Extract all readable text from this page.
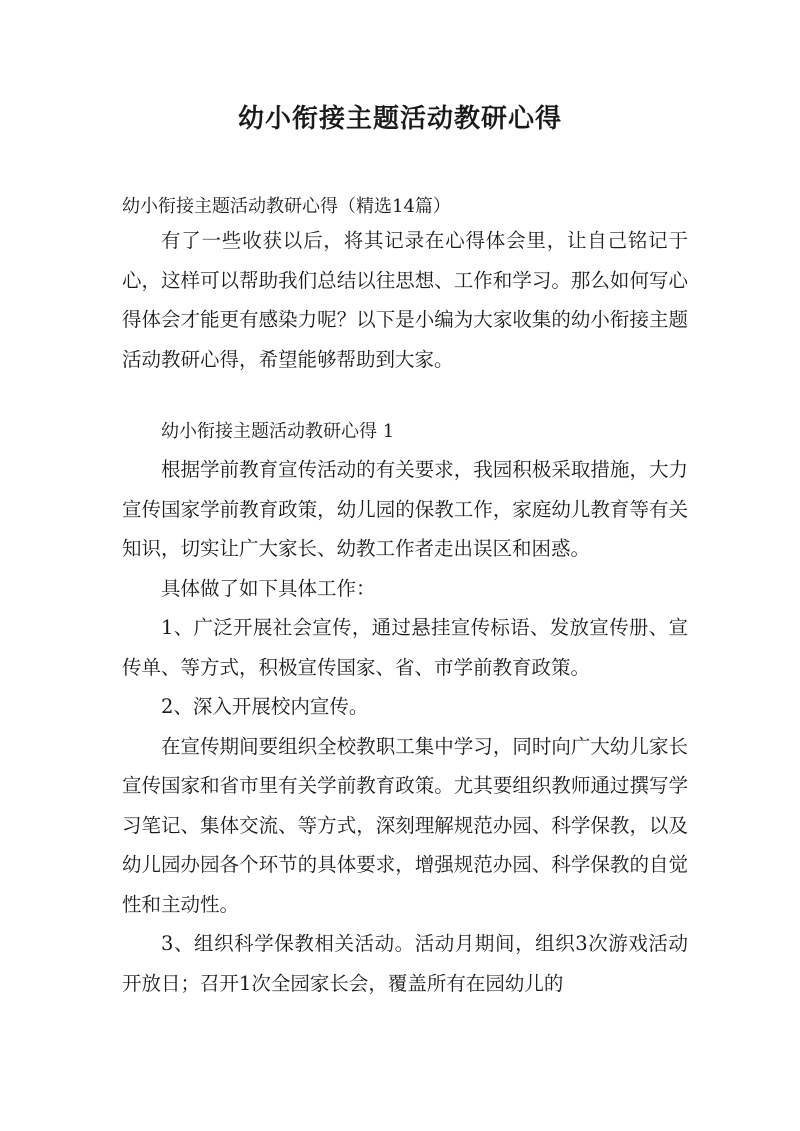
幼小衔接主题活动教研心得

幼小衔接主题活动教研心得（精选14篇）

有了一些收获以后，将其记录在心得体会里，让自己铭记于心，这样可以帮助我们总结以往思想、工作和学习。那么如何写心得体会才能更有感染力呢？以下是小编为大家收集的幼小衔接主题活动教研心得，希望能够帮助到大家。

幼小衔接主题活动教研心得 1

根据学前教育宣传活动的有关要求，我园积极采取措施，大力宣传国家学前教育政策，幼儿园的保教工作，家庭幼儿教育等有关知识，切实让广大家长、幼教工作者走出误区和困惑。

具体做了如下具体工作：

1、广泛开展社会宣传，通过悬挂宣传标语、发放宣传册、宣传单、等方式，积极宣传国家、省、市学前教育政策。

2、深入开展校内宣传。

在宣传期间要组织全校教职工集中学习，同时向广大幼儿家长宣传国家和省市里有关学前教育政策。尤其要组织教师通过撰写学习笔记、集体交流、等方式，深刻理解规范办园、科学保教，以及幼儿园办园各个环节的具体要求，增强规范办园、科学保教的自觉性和主动性。

3、组织科学保教相关活动。活动月期间，组织3次游戏活动开放日；召开1次全园家长会，覆盖所有在园幼儿的
